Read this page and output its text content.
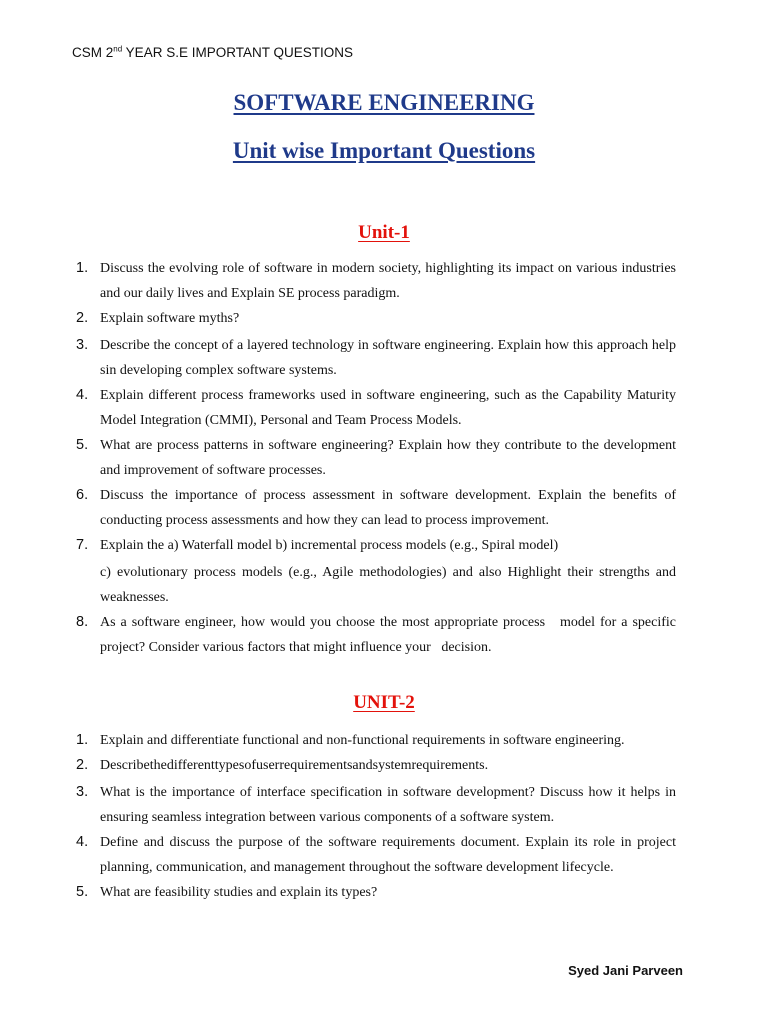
CSM 2nd YEAR S.E IMPORTANT QUESTIONS
SOFTWARE ENGINEERING
Unit wise Important Questions
Unit-1
1. Discuss the evolving role of software in modern society, highlighting its impact on various industries and our daily lives and Explain SE process paradigm.
2. Explain software myths?
3. Describe the concept of a layered technology in software engineering. Explain how this approach help sin developing complex software systems.
4. Explain different process frameworks used in software engineering, such as the Capability Maturity Model Integration (CMMI), Personal and Team Process Models.
5. What are process patterns in software engineering? Explain how they contribute to the development and improvement of software processes.
6. Discuss the importance of process assessment in software development. Explain the benefits of conducting process assessments and how they can lead to process improvement.
7. Explain the a) Waterfall model b) incremental process models (e.g., Spiral model)
c) evolutionary process models (e.g., Agile methodologies) and also Highlight their strengths and weaknesses.
8. As a software engineer, how would you choose the most appropriate process   model for a specific project? Consider various factors that might influence your   decision.
UNIT-2
1. Explain and differentiate functional and non-functional requirements in software engineering.
2. Describethedifferenttypesofuserrequirementsandsystemrequirements.
3. What is the importance of interface specification in software development? Discuss how it helps in ensuring seamless integration between various components of a software system.
4. Define and discuss the purpose of the software requirements document. Explain its role in project planning, communication, and management throughout the software development lifecycle.
5. What are feasibility studies and explain its types?
Syed Jani Parveen
